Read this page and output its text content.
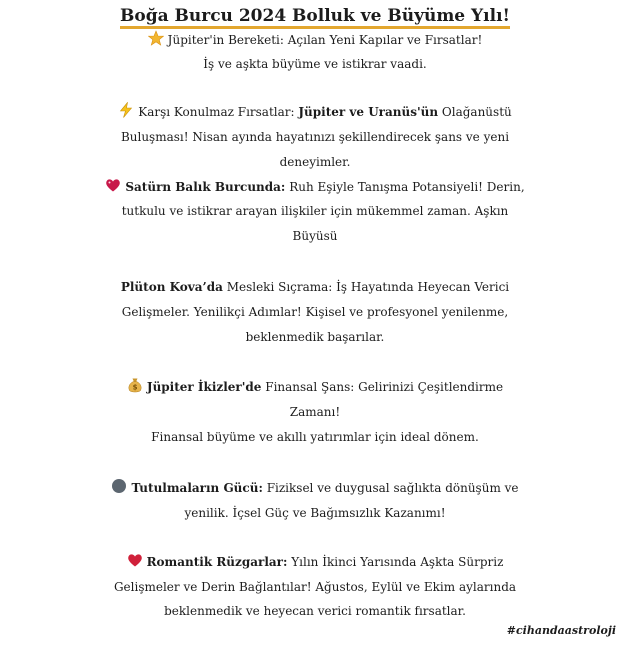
Boğa Burcu 2024 Bolluk ve Büyüme Yılı!
Jüpiter'in Bereketi: Açılan Yeni Kapılar ve Fırsatlar!
İş ve aşkta büyüme ve istikrar vaadi.
Karşı Konulmaz Fırsatlar: Jüpiter ve Uranüs'ün Olağanüstü
Buluşması! Nisan ayında hayatınızı şekillendirecek şans ve yeni
deneyimler.
Satürn Balık Burcunda: Ruh Eşiyle Tanışma Potansiyeli! Derin,
tutkulu ve istikrar arayan ilişkiler için mükemmel zaman. Aşkın
Büyüsü
Plüton Kova’da Mesleki Sıçrama: İş Hayatında Heyecan Verici
Gelişmeler. Yenilikçi Adımlar! Kişisel ve profesyonel yenilenme,
beklenmedik başarılar.
$ Jüpiter İkizler'de Finansal Şans: Gelirinizi Çeşitlendirme
Zamanı!
Finansal büyüme ve akıllı yatırımlar için ideal dönem.
Tutulmaların Gücü: Fiziksel ve duygusal sağlıkta dönüşüm ve
yenilik. İçsel Güç ve Bağımsızlık Kazanımı!
Romantik Rüzgarlar: Yılın İkinci Yarısında Aşkta Sürpriz
Gelişmeler ve Derin Bağlantılar! Ağustos, Eylül ve Ekim aylarında
beklenmedik ve heyecan verici romantik fırsatlar.
#cihandaastroloji
